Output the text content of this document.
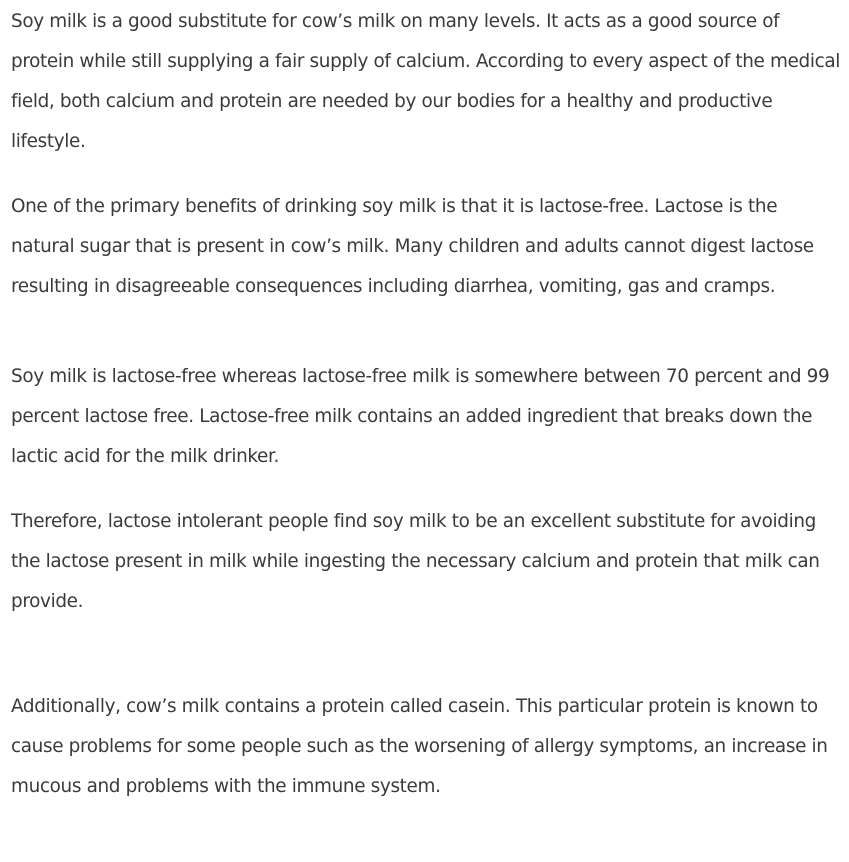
Soy milk is a good substitute for cow’s milk on many levels. It acts as a good source of protein while still supplying a fair supply of calcium. According to every aspect of the medical field, both calcium and protein are needed by our bodies for a healthy and productive lifestyle.

One of the primary benefits of drinking soy milk is that it is lactose-free. Lactose is the natural sugar that is present in cow’s milk. Many children and adults cannot digest lactose resulting in disagreeable consequences including diarrhea, vomiting, gas and cramps.

Soy milk is lactose-free whereas lactose-free milk is somewhere between 70 percent and 99 percent lactose free. Lactose-free milk contains an added ingredient that breaks down the lactic acid for the milk drinker.

Therefore, lactose intolerant people find soy milk to be an excellent substitute for avoiding the lactose present in milk while ingesting the necessary calcium and protein that milk can provide.

Additionally, cow’s milk contains a protein called casein. This particular protein is known to cause problems for some people such as the worsening of allergy symptoms, an increase in mucous and problems with the immune system.
